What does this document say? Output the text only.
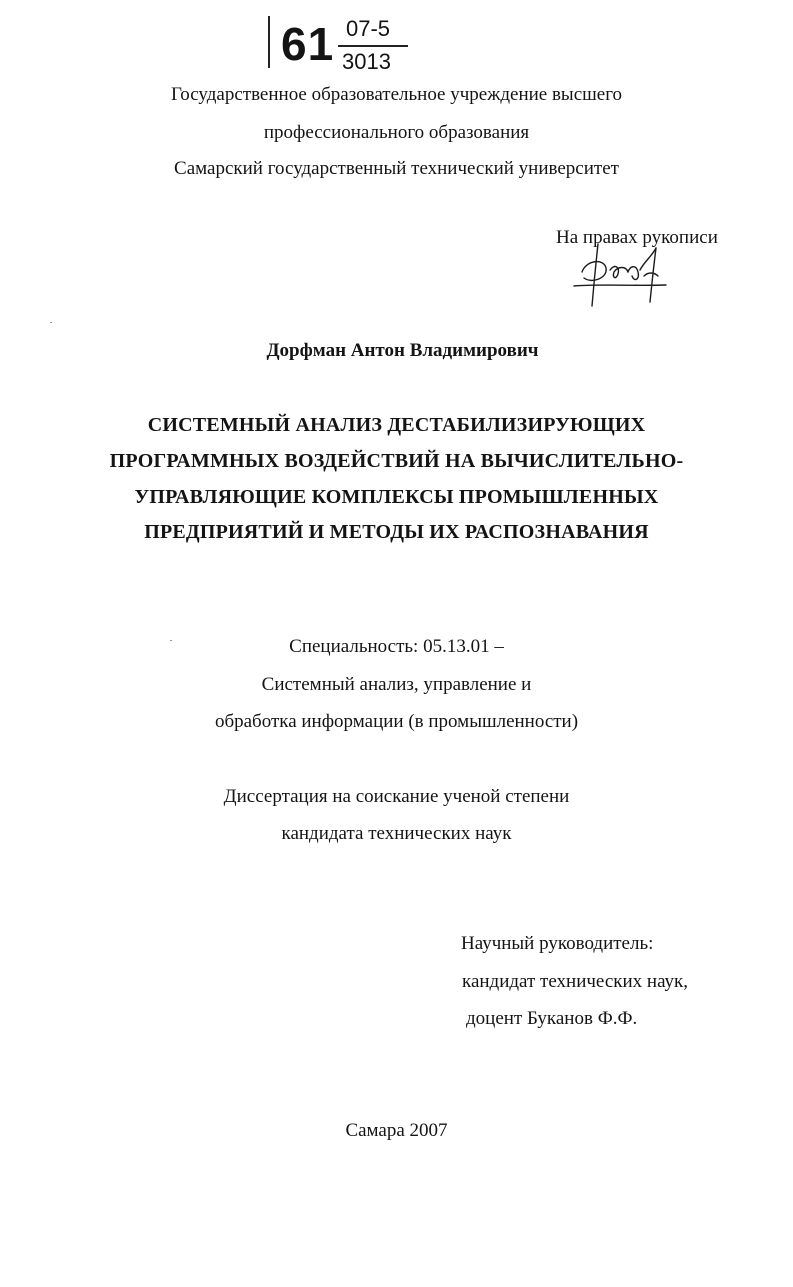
61 07-5
3013
Государственное образовательное учреждение высшего
профессионального образования
Самарский государственный технический университет
На правах рукописи
Дорфман Антон Владимирович
СИСТЕМНЫЙ АНАЛИЗ ДЕСТАБИЛИЗИРУЮЩИХ
ПРОГРАММНЫХ ВОЗДЕЙСТВИЙ НА ВЫЧИСЛИТЕЛЬНО-
УПРАВЛЯЮЩИЕ КОМПЛЕКСЫ ПРОМЫШЛЕННЫХ
ПРЕДПРИЯТИЙ И МЕТОДЫ ИХ РАСПОЗНАВАНИЯ
Специальность: 05.13.01 –
Системный анализ, управление и
обработка информации (в промышленности)
Диссертация на соискание ученой степени
кандидата технических наук
Научный руководитель:
кандидат технических наук,
доцент Буканов Ф.Ф.
Самара 2007
